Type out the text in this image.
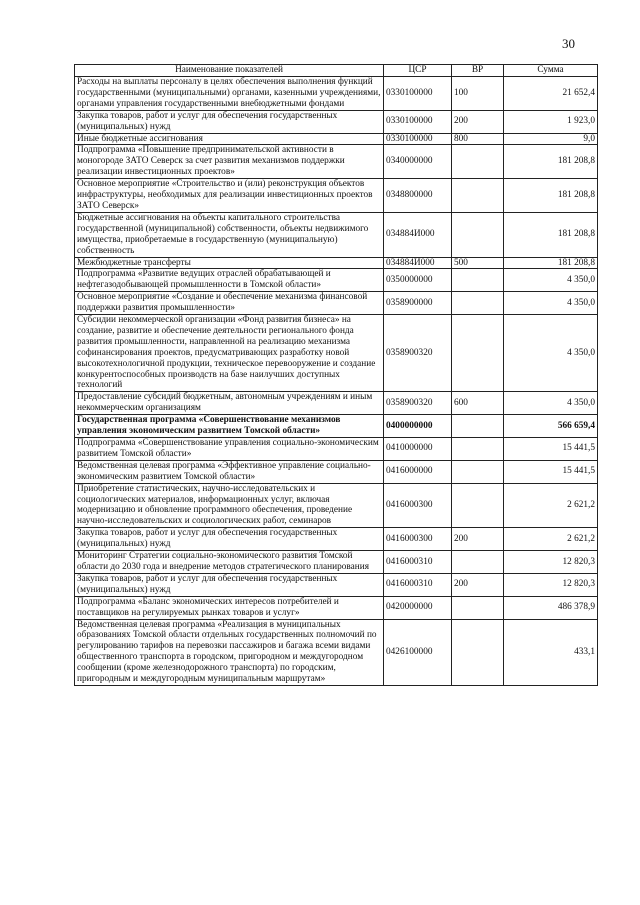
30
Наименование показателей	ЦСР	ВР	Сумма
Расходы на выплаты персоналу в целях обеспечения выполнения функций государственными (муниципальными) органами, казенными учреждениями, органами управления государственными внебюджетными фондами	0330100000	100	21 652,4
Закупка товаров, работ и услуг для обеспечения государственных (муниципальных) нужд	0330100000	200	1 923,0
Иные бюджетные ассигнования	0330100000	800	9,0
Подпрограмма «Повышение предпринимательской активности в моногороде ЗАТО Северск за счет развития механизмов поддержки реализации инвестиционных проектов»	0340000000		181 208,8
Основное мероприятие «Строительство и (или) реконструкция объектов инфраструктуры, необходимых для реализации инвестиционных проектов ЗАТО Северск»	0348800000		181 208,8
Бюджетные ассигнования на объекты капитального строительства государственной (муниципальной) собственности, объекты недвижимого имущества, приобретаемые в государственную (муниципальную) собственность	034884И000		181 208,8
Межбюджетные трансферты	034884И000	500	181 208,8
Подпрограмма «Развитие ведущих отраслей обрабатывающей и нефтегазодобывающей промышленности в Томской области»	0350000000		4 350,0
Основное мероприятие «Создание и обеспечение механизма финансовой поддержки развития промышленности»	0358900000		4 350,0
Субсидии некоммерческой организации «Фонд развития бизнеса» на создание, развитие и обеспечение деятельности регионального фонда развития промышленности, направленной на реализацию механизма софинансирования проектов, предусматривающих разработку новой высокотехнологичной продукции, техническое перевооружение и создание конкурентоспособных производств на базе наилучших доступных технологий	0358900320		4 350,0
Предоставление субсидий бюджетным, автономным учреждениям и иным некоммерческим организациям	0358900320	600	4 350,0
Государственная программа «Совершенствование механизмов управления экономическим развитием Томской области»	0400000000		566 659,4
Подпрограмма «Совершенствование управления социально-экономическим развитием Томской области»	0410000000		15 441,5
Ведомственная целевая программа «Эффективное управление социально-экономическим развитием Томской области»	0416000000		15 441,5
Приобретение статистических, научно-исследовательских и социологических материалов, информационных услуг, включая модернизацию и обновление программного обеспечения, проведение научно-исследовательских и социологических работ, семинаров	0416000300		2 621,2
Закупка товаров, работ и услуг для обеспечения государственных (муниципальных) нужд	0416000300	200	2 621,2
Мониторинг Стратегии социально-экономического развития Томской области до 2030 года и внедрение методов стратегического планирования	0416000310		12 820,3
Закупка товаров, работ и услуг для обеспечения государственных (муниципальных) нужд	0416000310	200	12 820,3
Подпрограмма «Баланс экономических интересов потребителей и поставщиков на регулируемых рынках товаров и услуг»	0420000000		486 378,9
Ведомственная целевая программа «Реализация в муниципальных образованиях Томской области отдельных государственных полномочий по регулированию тарифов на перевозки пассажиров и багажа всеми видами общественного транспорта в городском, пригородном и междугородном сообщении (кроме железнодорожного транспорта) по городским, пригородным и междугородным муниципальным маршрутам»	0426100000		433,1
